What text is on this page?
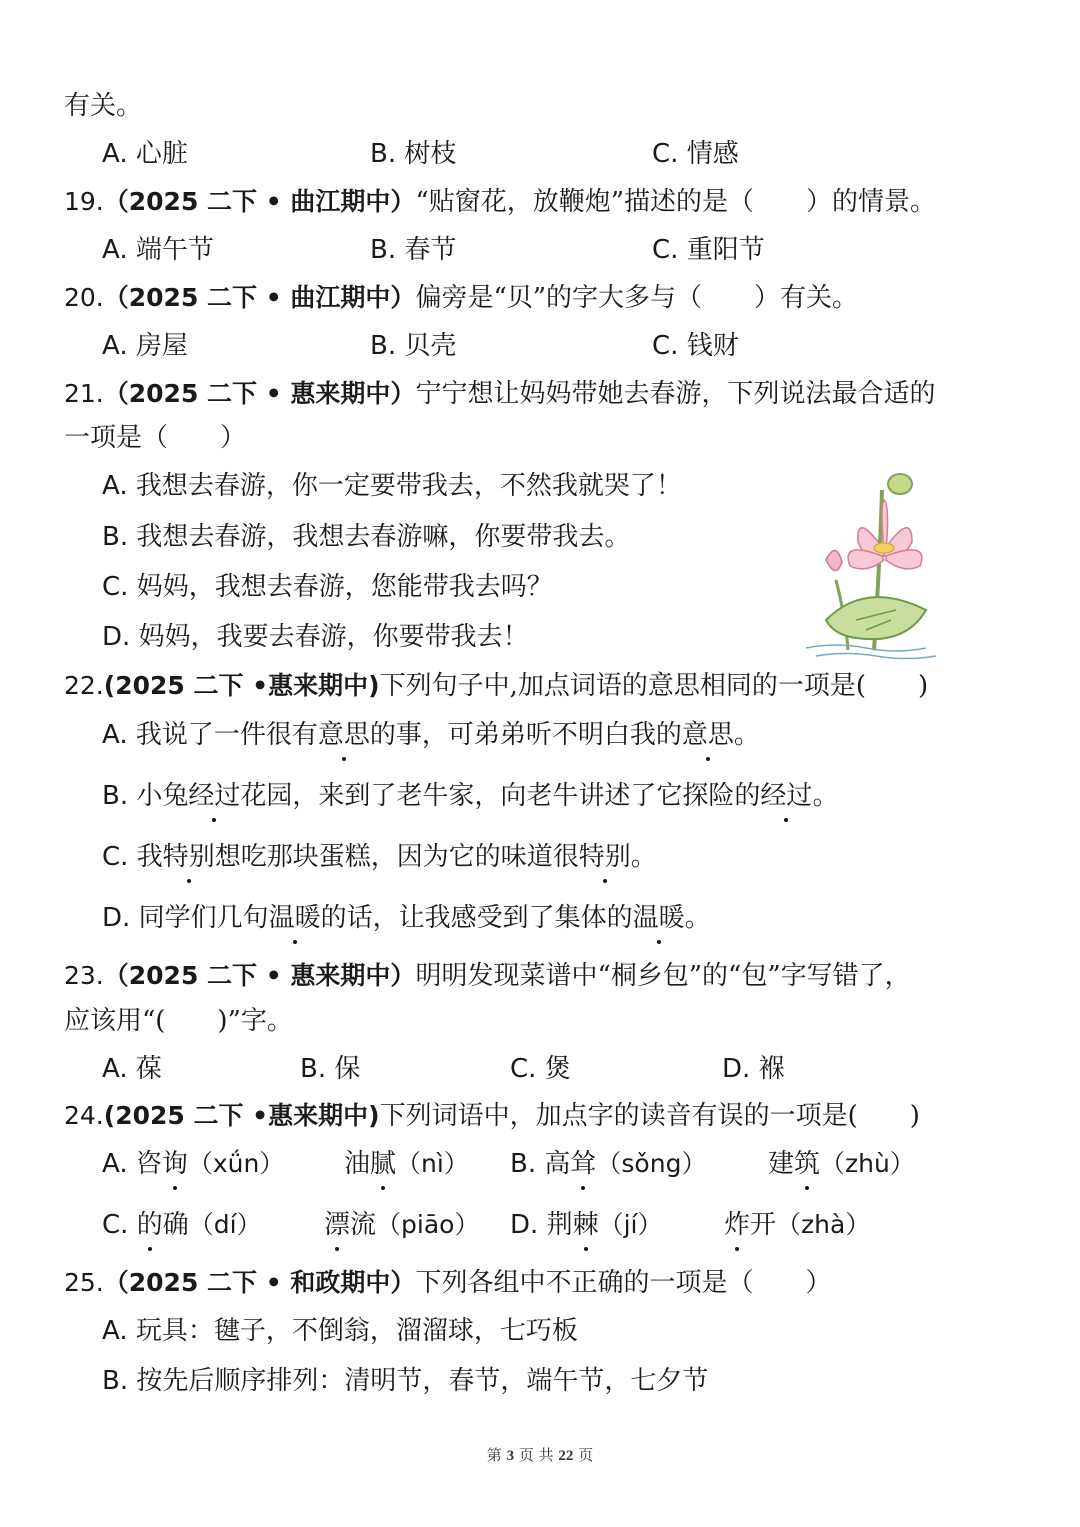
有关。
A. 心脏	B. 树枝	C. 情感
19.（2025 二下 • 曲江期中）“贴窗花，放鞭炮”描述的是（　　）的情景。
A. 端午节	B. 春节	C. 重阳节
20.（2025 二下 • 曲江期中）偏旁是“贝”的字大多与（　　）有关。
A. 房屋	B. 贝壳	C. 钱财
21.（2025 二下 • 惠来期中）宁宁想让妈妈带她去春游，下列说法最合适的
一项是（　　）
A. 我想去春游，你一定要带我去，不然我就哭了！
B. 我想去春游，我想去春游嘛，你要带我去。
C. 妈妈，我想去春游，您能带我去吗？
D. 妈妈，我要去春游，你要带我去！
22.(2025 二下 •惠来期中)下列句子中,加点词语的意思相同的一项是(　　)
A. 我说了一件很有意思的事，可弟弟听不明白我的意思。
B. 小兔经过花园，来到了老牛家，向老牛讲述了它探险的经过。
C. 我特别想吃那块蛋糕，因为它的味道很特别。
D. 同学们几句温暖的话，让我感受到了集体的温暖。
23.（2025 二下 • 惠来期中）明明发现菜谱中“桐乡包”的“包”字写错了，
应该用“(　　)”字。
A. 葆	B. 保	C. 煲	D. 褓
24.(2025 二下 •惠来期中)下列词语中，加点字的读音有误的一项是(　　)
A. 咨询（xǘn） 油腻（nì） B. 高耸（sǒng） 建筑（zhù）
C. 的确（dí） 漂流（piāo） D. 荆棘（jí） 炸开（zhà）
25.（2025 二下 • 和政期中）下列各组中不正确的一项是（　　）
A. 玩具：毽子，不倒翁，溜溜球，七巧板
B. 按先后顺序排列：清明节，春节，端午节，七夕节
第 3 页 共 22 页
